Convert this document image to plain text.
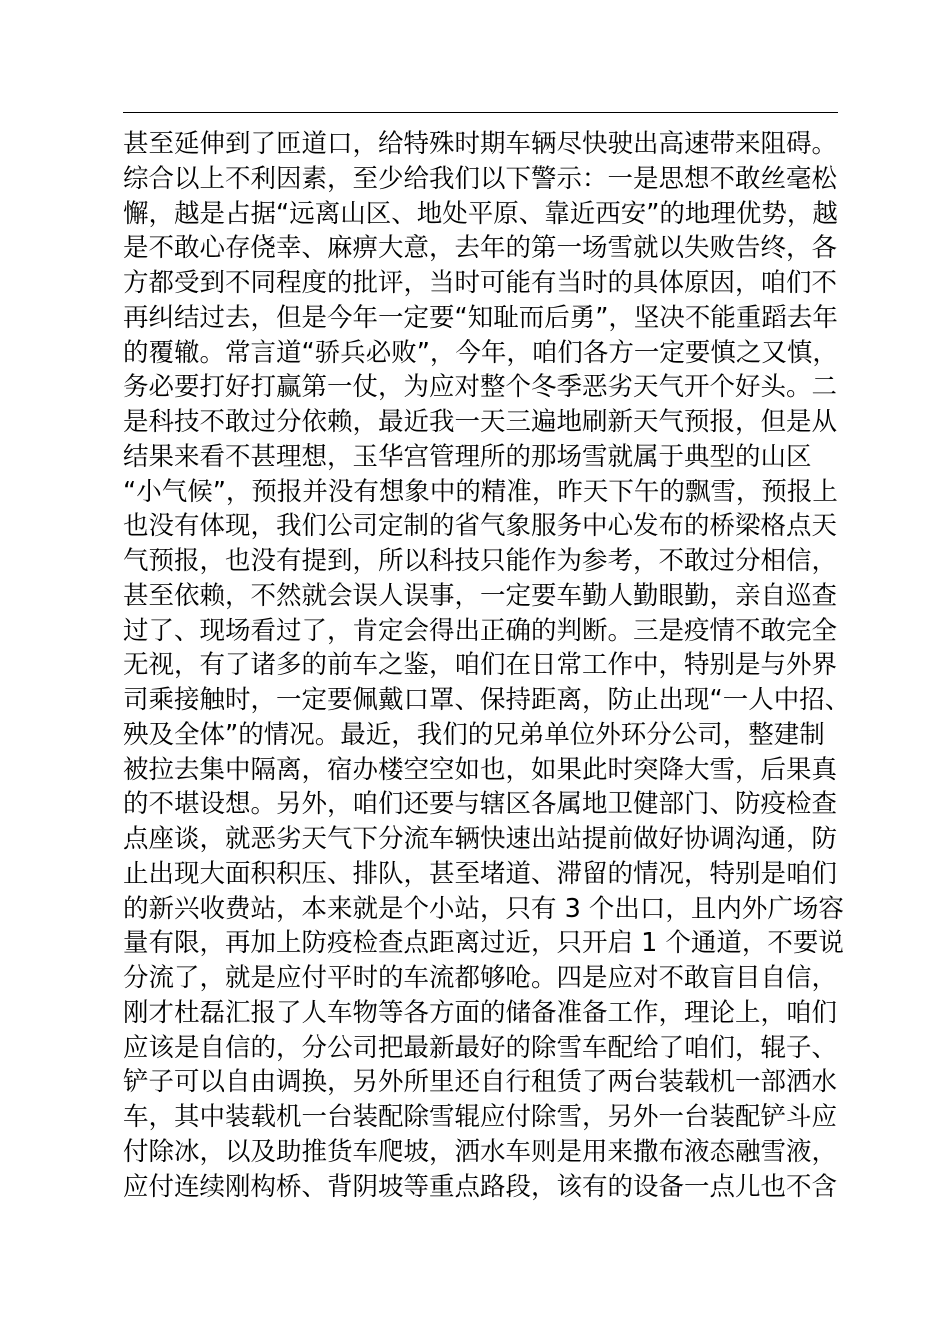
甚至延伸到了匝道口，给特殊时期车辆尽快驶出高速带来阻碍。
综合以上不利因素，至少给我们以下警示：一是思想不敢丝毫松
懈，越是占据“远离山区、地处平原、靠近西安”的地理优势，越
是不敢心存侥幸、麻痹大意，去年的第一场雪就以失败告终，各
方都受到不同程度的批评，当时可能有当时的具体原因，咱们不
再纠结过去，但是今年一定要“知耻而后勇”，坚决不能重蹈去年
的覆辙。常言道“骄兵必败”，今年，咱们各方一定要慎之又慎，
务必要打好打赢第一仗，为应对整个冬季恶劣天气开个好头。二
是科技不敢过分依赖，最近我一天三遍地刷新天气预报，但是从
结果来看不甚理想，玉华宫管理所的那场雪就属于典型的山区
“小气候”，预报并没有想象中的精准，昨天下午的飘雪，预报上
也没有体现，我们公司定制的省气象服务中心发布的桥梁格点天
气预报，也没有提到，所以科技只能作为参考，不敢过分相信，
甚至依赖，不然就会误人误事，一定要车勤人勤眼勤，亲自巡查
过了、现场看过了，肯定会得出正确的判断。三是疫情不敢完全
无视，有了诸多的前车之鉴，咱们在日常工作中，特别是与外界
司乘接触时，一定要佩戴口罩、保持距离，防止出现“一人中招、
殃及全体”的情况。最近，我们的兄弟单位外环分公司，整建制
被拉去集中隔离，宿办楼空空如也，如果此时突降大雪，后果真
的不堪设想。另外，咱们还要与辖区各属地卫健部门、防疫检查
点座谈，就恶劣天气下分流车辆快速出站提前做好协调沟通，防
止出现大面积积压、排队，甚至堵道、滞留的情况，特别是咱们
的新兴收费站，本来就是个小站，只有 3 个出口，且内外广场容
量有限，再加上防疫检查点距离过近，只开启 1 个通道，不要说
分流了，就是应付平时的车流都够呛。四是应对不敢盲目自信，
刚才杜磊汇报了人车物等各方面的储备准备工作，理论上，咱们
应该是自信的，分公司把最新最好的除雪车配给了咱们，辊子、
铲子可以自由调换，另外所里还自行租赁了两台装载机一部洒水
车，其中装载机一台装配除雪辊应付除雪，另外一台装配铲斗应
付除冰，以及助推货车爬坡，洒水车则是用来撒布液态融雪液，
应付连续刚构桥、背阴坡等重点路段，该有的设备一点儿也不含
